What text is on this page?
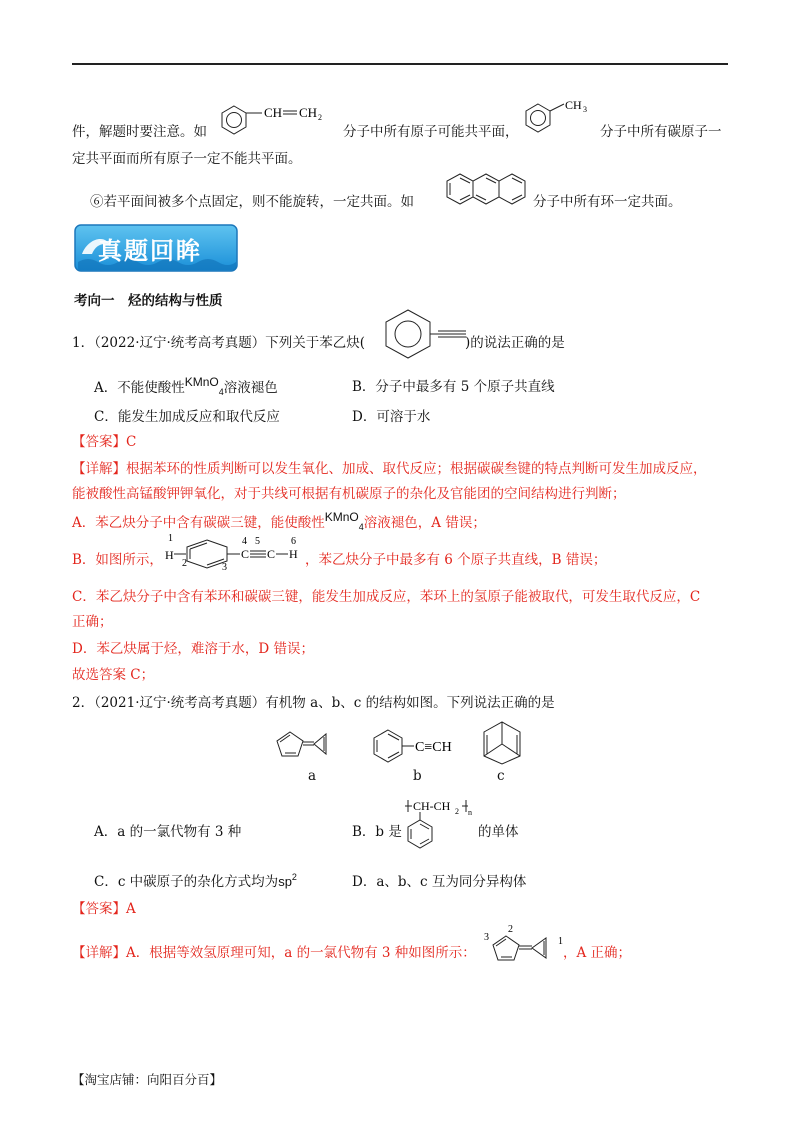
件，解题时要注意。如
CH CH 2
分子中所有原子可能共平面，
CH 3
分子中所有碳原子一
定共平面而所有原子一定不能共平面。
⑥若平面间被多个点固定，则不能旋转，一定共面。如	分子中所有环一定共面。
真题回眸
考向一　烃的结构与性质
1．（2022·辽宁·统考高考真题）下列关于苯乙炔(	)的说法正确的是
A．不能使酸性KMnO$_4$溶液褪色	B．分子中最多有 5 个原子共直线
C．能发生加成反应和取代反应	D．可溶于水
【答案】C
【详解】根据苯环的性质判断可以发生氧化、加成、取代反应；根据碳碳叁键的特点判断可发生加成反应，
能被酸性高锰酸钾钾氧化，对于共线可根据有机碳原子的杂化及官能团的空间结构进行判断；
A．苯乙炔分子中含有碳碳三键，能使酸性KMnO$_4$溶液褪色，A 错误；
B．如图所示，
1
H
2	3
C
4 5
C H
6
，苯乙炔分子中最多有 6 个原子共直线，B 错误；
C．苯乙炔分子中含有苯环和碳碳三键，能发生加成反应，苯环上的氢原子能被取代，可发生取代反应，C
正确；
D．苯乙炔属于烃，难溶于水，D 错误；
故选答案 C；
2．（2021·辽宁·统考高考真题）有机物 a、b、c 的结构如图。下列说法正确的是
a
C≡CH
b	c
A．a 的一氯代物有 3 种	B．b 是
CH-CH 2 n
的单体
C．c 中碳原子的杂化方式均为$sp^2$	D．a、b、c 互为同分异构体
【答案】A
【详解】A．根据等效氢原理可知，a 的一氯代物有 3 种如图所示：
3
2
1
，A 正确；
【淘宝店铺：向阳百分百】
